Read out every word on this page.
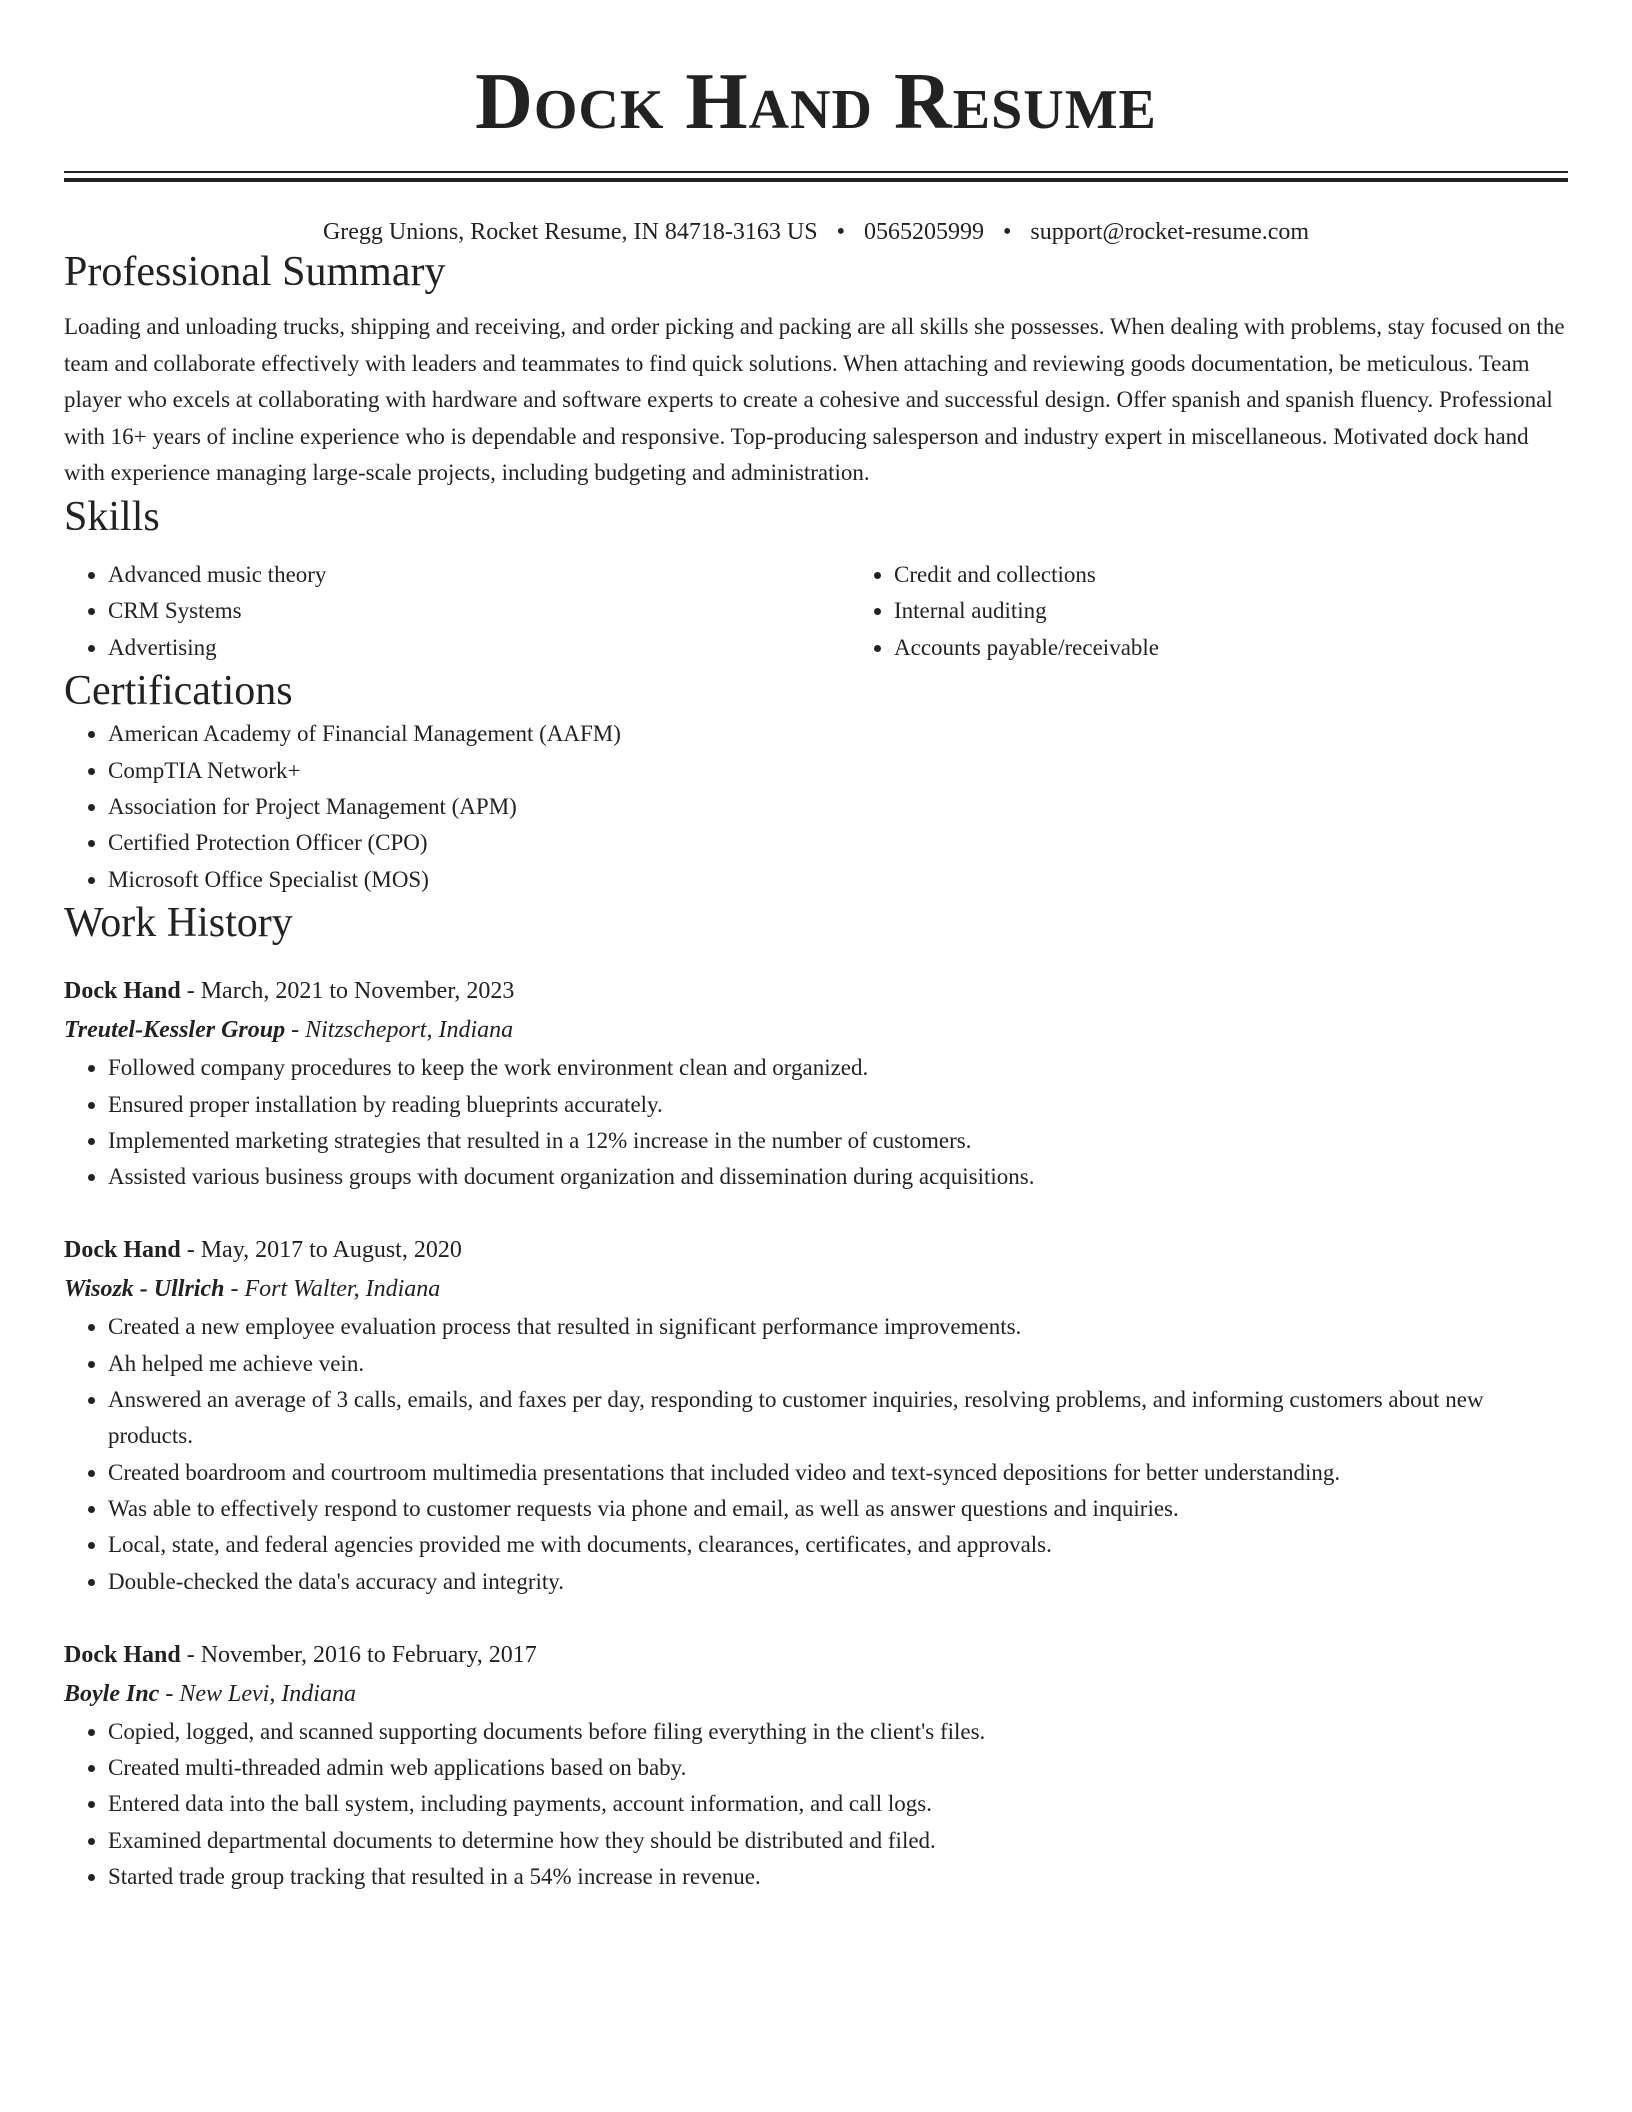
Dock Hand Resume
Gregg Unions, Rocket Resume, IN 84718-3163 US • 0565205999 • support@rocket-resume.com
Professional Summary

Loading and unloading trucks, shipping and receiving, and order picking and packing are all skills she possesses. When dealing with problems, stay focused on the team and collaborate effectively with leaders and teammates to find quick solutions. When attaching and reviewing goods documentation, be meticulous. Team player who excels at collaborating with hardware and software experts to create a cohesive and successful design. Offer spanish and spanish fluency. Professional with 16+ years of incline experience who is dependable and responsive. Top-producing salesperson and industry expert in miscellaneous. Motivated dock hand with experience managing large-scale projects, including budgeting and administration.

Skills
• Advanced music theory
• CRM Systems
• Advertising
• Credit and collections
• Internal auditing
• Accounts payable/receivable
Certifications
• American Academy of Financial Management (AAFM)
• CompTIA Network+
• Association for Project Management (APM)
• Certified Protection Officer (CPO)
• Microsoft Office Specialist (MOS)
Work History
Dock Hand - March, 2021 to November, 2023
Treutel-Kessler Group - Nitzscheport, Indiana
• Followed company procedures to keep the work environment clean and organized.
• Ensured proper installation by reading blueprints accurately.
• Implemented marketing strategies that resulted in a 12% increase in the number of customers.
• Assisted various business groups with document organization and dissemination during acquisitions.
Dock Hand - May, 2017 to August, 2020
Wisozk - Ullrich - Fort Walter, Indiana
• Created a new employee evaluation process that resulted in significant performance improvements.
• Ah helped me achieve vein.
• Answered an average of 3 calls, emails, and faxes per day, responding to customer inquiries, resolving problems, and informing customers about new products.
• Created boardroom and courtroom multimedia presentations that included video and text-synced depositions for better understanding.
• Was able to effectively respond to customer requests via phone and email, as well as answer questions and inquiries.
• Local, state, and federal agencies provided me with documents, clearances, certificates, and approvals.
• Double-checked the data's accuracy and integrity.
Dock Hand - November, 2016 to February, 2017
Boyle Inc - New Levi, Indiana
• Copied, logged, and scanned supporting documents before filing everything in the client's files.
• Created multi-threaded admin web applications based on baby.
• Entered data into the ball system, including payments, account information, and call logs.
• Examined departmental documents to determine how they should be distributed and filed.
• Started trade group tracking that resulted in a 54% increase in revenue.
